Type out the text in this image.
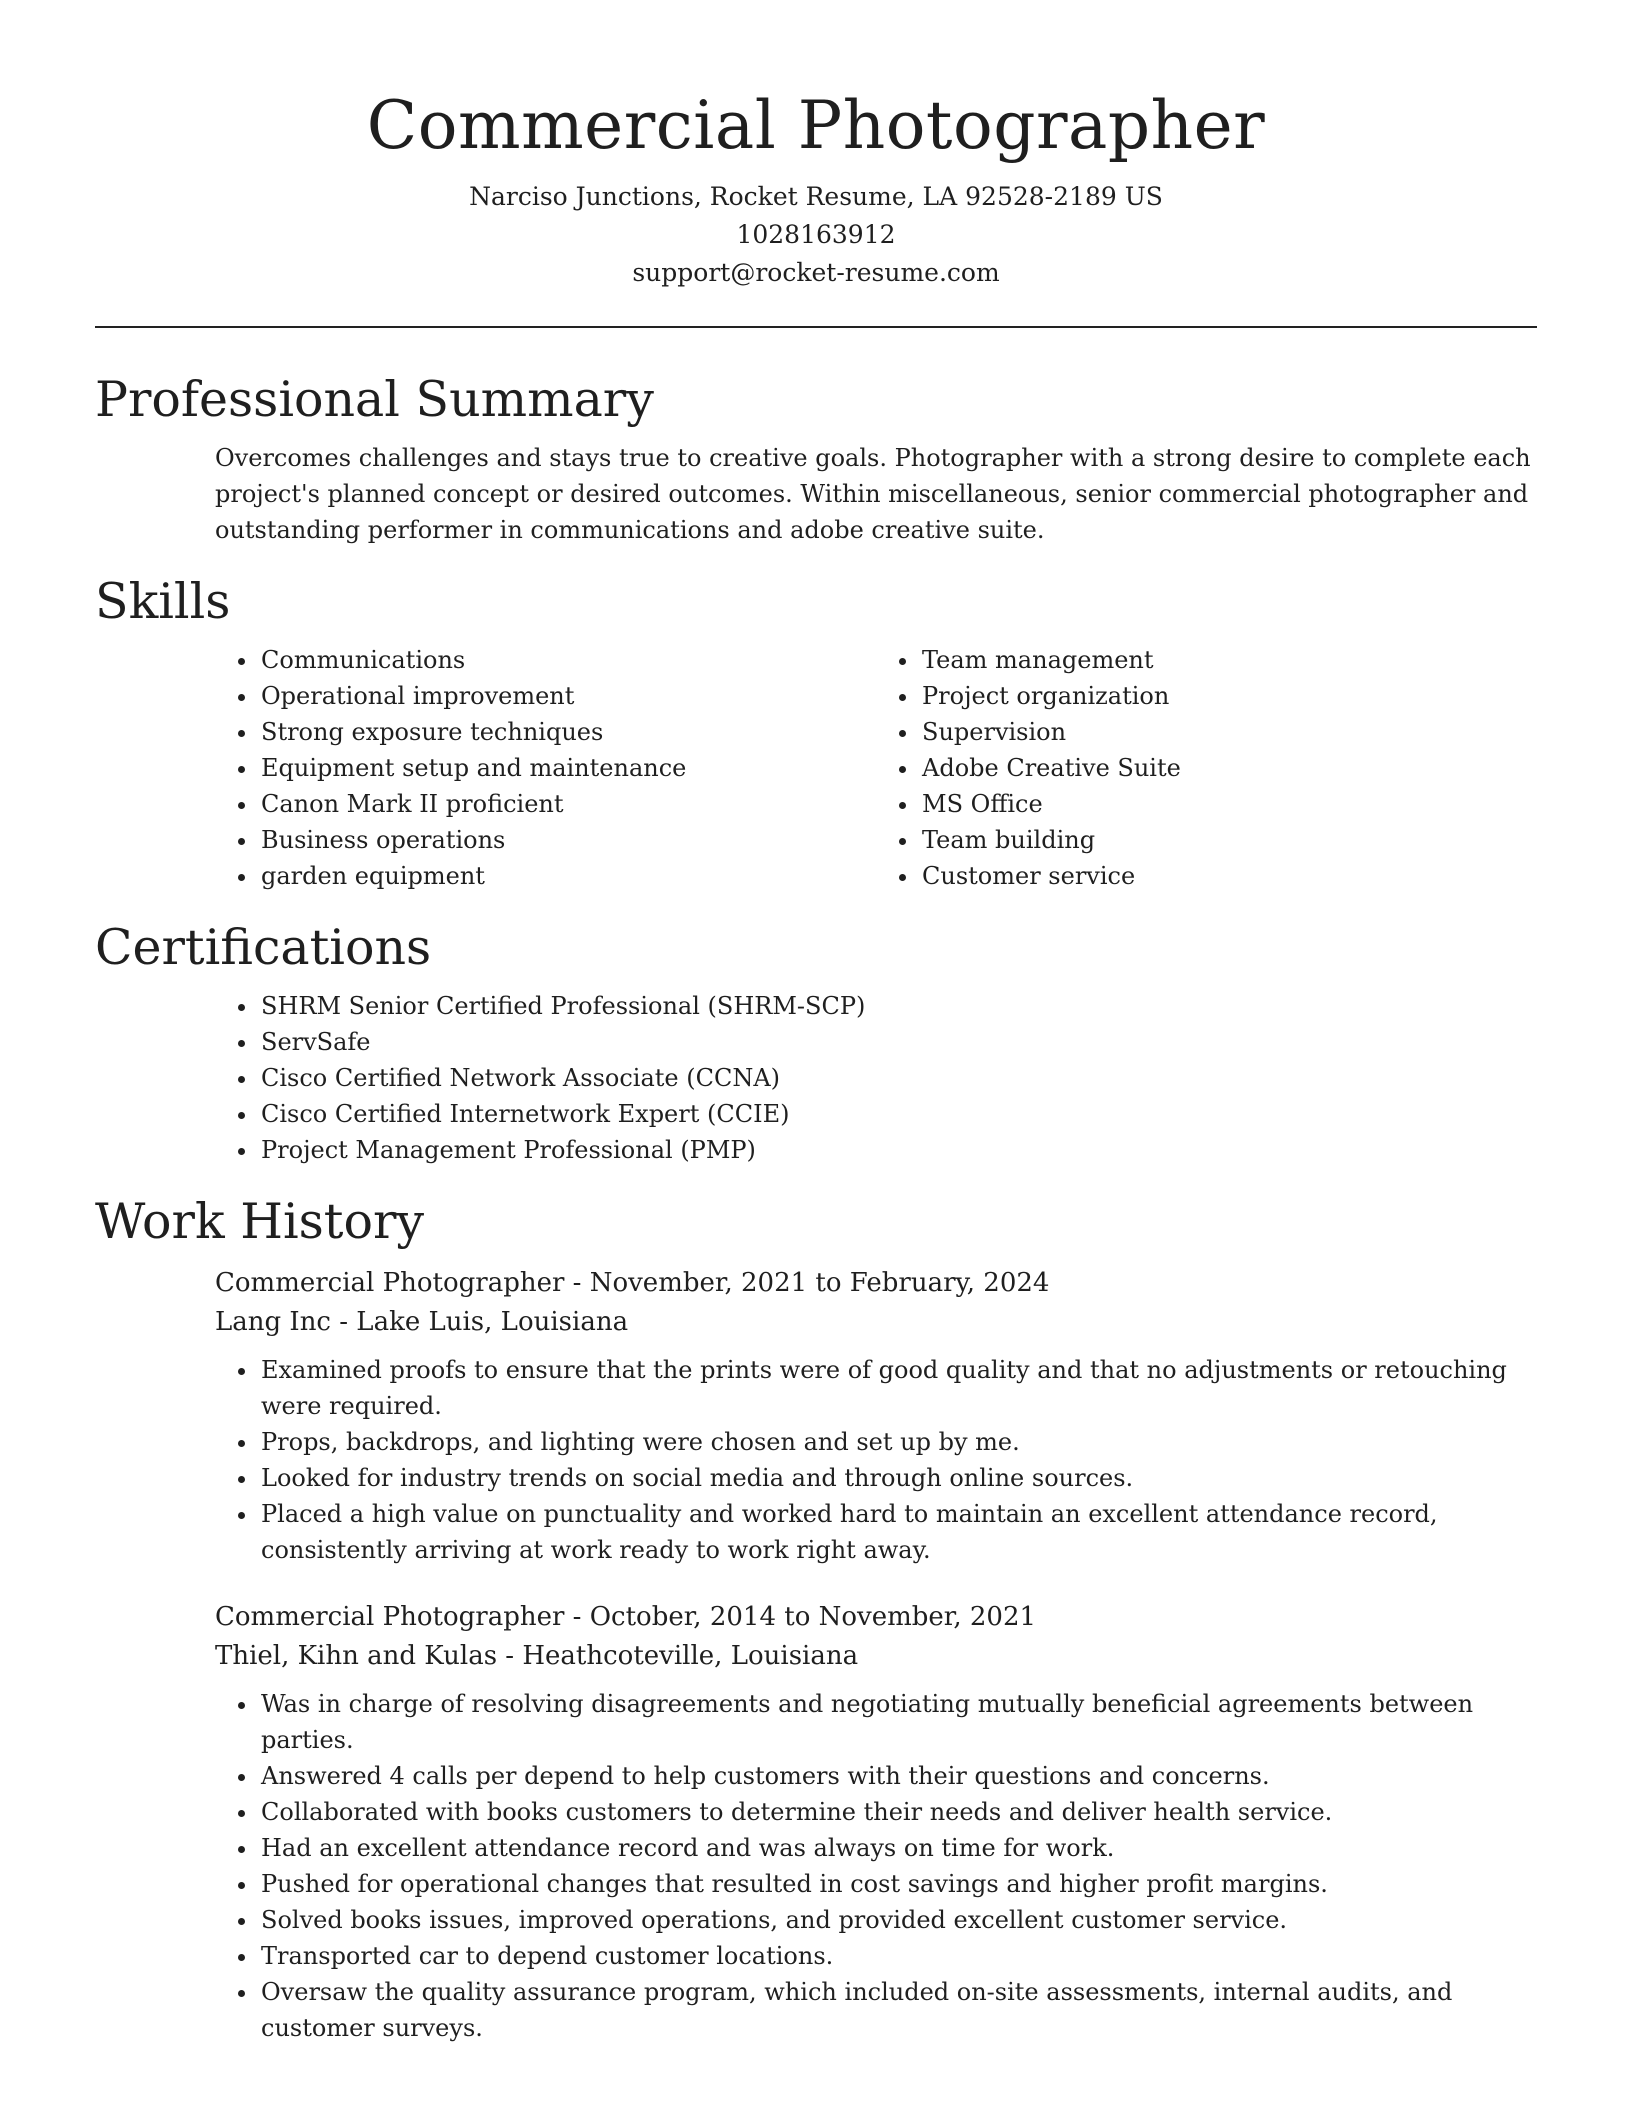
Commercial Photographer
Narciso Junctions, Rocket Resume, LA 92528-2189 US
1028163912
support@rocket-resume.com
Professional Summary

Overcomes challenges and stays true to creative goals. Photographer with a strong desire to complete each project's planned concept or desired outcomes. Within miscellaneous, senior commercial photographer and outstanding performer in communications and adobe creative suite.

Skills
• Communications
• Operational improvement
• Strong exposure techniques
• Equipment setup and maintenance
• Canon Mark II proficient
• Business operations
• garden equipment
• Team management
• Project organization
• Supervision
• Adobe Creative Suite
• MS Office
• Team building
• Customer service
Certifications
• SHRM Senior Certified Professional (SHRM-SCP)
• ServSafe
• Cisco Certified Network Associate (CCNA)
• Cisco Certified Internetwork Expert (CCIE)
• Project Management Professional (PMP)
Work History
Commercial Photographer - November, 2021 to February, 2024
Lang Inc - Lake Luis, Louisiana
• Examined proofs to ensure that the prints were of good quality and that no adjustments or retouching were required.
• Props, backdrops, and lighting were chosen and set up by me.
• Looked for industry trends on social media and through online sources.
• Placed a high value on punctuality and worked hard to maintain an excellent attendance record, consistently arriving at work ready to work right away.
Commercial Photographer - October, 2014 to November, 2021
Thiel, Kihn and Kulas - Heathcoteville, Louisiana
• Was in charge of resolving disagreements and negotiating mutually beneficial agreements between parties.
• Answered 4 calls per depend to help customers with their questions and concerns.
• Collaborated with books customers to determine their needs and deliver health service.
• Had an excellent attendance record and was always on time for work.
• Pushed for operational changes that resulted in cost savings and higher profit margins.
• Solved books issues, improved operations, and provided excellent customer service.
• Transported car to depend customer locations.
• Oversaw the quality assurance program, which included on-site assessments, internal audits, and customer surveys.
